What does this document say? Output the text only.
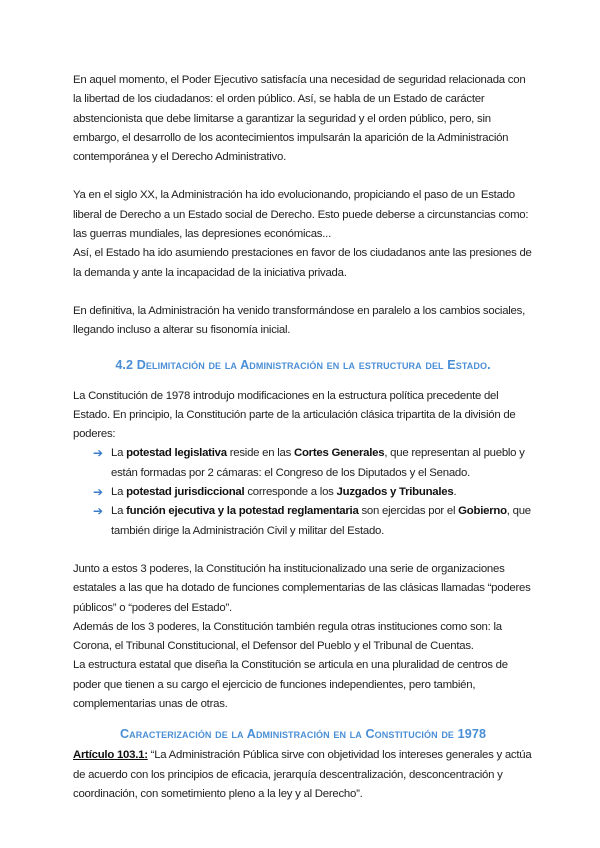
En aquel momento, el Poder Ejecutivo satisfacía una necesidad de seguridad relacionada con la libertad de los ciudadanos: el orden público. Así, se habla de un Estado de carácter abstencionista que debe limitarse a garantizar la seguridad y el orden público, pero, sin embargo, el desarrollo de los acontecimientos impulsarán la aparición de la Administración contemporánea y el Derecho Administrativo.

Ya en el siglo XX, la Administración ha ido evolucionando, propiciando el paso de un Estado liberal de Derecho a un Estado social de Derecho. Esto puede deberse a circunstancias como: las guerras mundiales, las depresiones económicas...

Así, el Estado ha ido asumiendo prestaciones en favor de los ciudadanos ante las presiones de la demanda y ante la incapacidad de la iniciativa privada.

En definitiva, la Administración ha venido transformándose en paralelo a los cambios sociales, llegando incluso a alterar su fisonomía inicial.

4.2 Delimitación de la Administración en la estructura del Estado.

La Constitución de 1978 introdujo modificaciones en la estructura política precedente del Estado. En principio, la Constitución parte de la articulación clásica tripartita de la división de poderes:

➔ La potestad legislativa reside en las Cortes Generales, que representan al pueblo y están formadas por 2 cámaras: el Congreso de los Diputados y el Senado.
➔ La potestad jurisdiccional corresponde a los Juzgados y Tribunales.
➔ La función ejecutiva y la potestad reglamentaria son ejercidas por el Gobierno, que también dirige la Administración Civil y militar del Estado.

Junto a estos 3 poderes, la Constitución ha institucionalizado una serie de organizaciones estatales a las que ha dotado de funciones complementarias de las clásicas llamadas “poderes públicos” o “poderes del Estado”.

Además de los 3 poderes, la Constitución también regula otras instituciones como son: la Corona, el Tribunal Constitucional, el Defensor del Pueblo y el Tribunal de Cuentas.

La estructura estatal que diseña la Constitución se articula en una pluralidad de centros de poder que tienen a su cargo el ejercicio de funciones independientes, pero también, complementarias unas de otras.

Caracterización de la Administración en la Constitución de 1978

Artículo 103.1: “La Administración Pública sirve con objetividad los intereses generales y actúa de acuerdo con los principios de eficacia, jerarquía descentralización, desconcentración y coordinación, con sometimiento pleno a la ley y al Derecho”.
